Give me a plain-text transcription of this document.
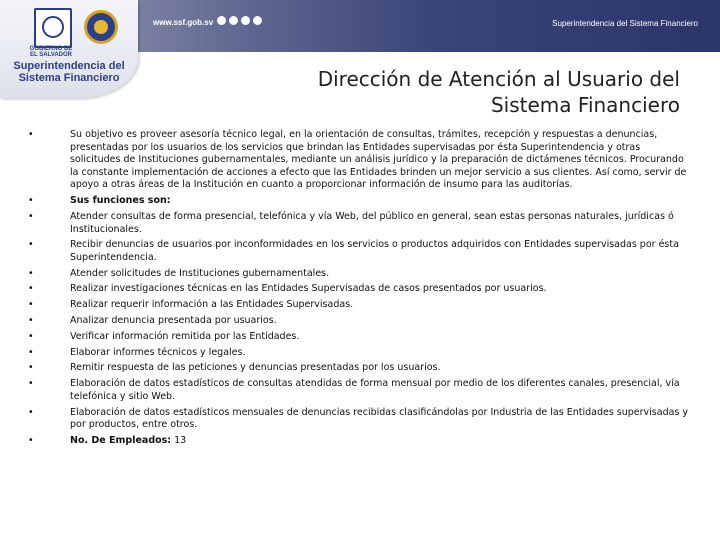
www.ssf.gob.sv	Superintendencia del Sistema Financiero
GOBIERNO DE EL SALVADOR
Superintendencia del
Sistema Financiero	Dirección de Atención al Usuario del Sistema Financiero
•	Su objetivo es proveer asesoría técnico legal, en la orientación de consultas, trámites, recepción y respuestas a denuncias, presentadas por los usuarios de los servicios que brindan las Entidades supervisadas por ésta Superintendencia y otras solicitudes de Instituciones gubernamentales, mediante un análisis jurídico y la preparación de dictámenes técnicos. Procurando la constante implementación de acciones a efecto que las Entidades brinden un mejor servicio a sus clientes. Así como, servir de apoyo a otras áreas de la Institución en cuanto a proporcionar información de insumo para las auditorías.
•	Sus funciones son:
•	Atender consultas de forma presencial, telefónica y vía Web, del público en general, sean estas personas naturales, jurídicas ó Institucionales.
•	Recibir denuncias de usuarios por inconformidades en los servicios o productos adquiridos con Entidades supervisadas por ésta Superintendencia.
•	Atender solicitudes de Instituciones gubernamentales.
•	Realizar investigaciones técnicas en las Entidades Supervisadas de casos presentados por usuarios.
•	Realizar requerir información a las Entidades Supervisadas.
•	Analizar denuncia presentada por usuarios.
•	Verificar información remitida por las Entidades.
•	Elaborar informes técnicos y legales.
•	Remitir respuesta de las peticiones y denuncias presentadas por los usuarios.
•	Elaboración de datos estadísticos de consultas atendidas de forma mensual por medio de los diferentes canales, presencial, vía telefónica y sitio Web.
•	Elaboración de datos estadísticos mensuales de denuncias recibidas clasificándolas por Industria de las Entidades supervisadas y por productos, entre otros.
•	No. De Empleados: 13
